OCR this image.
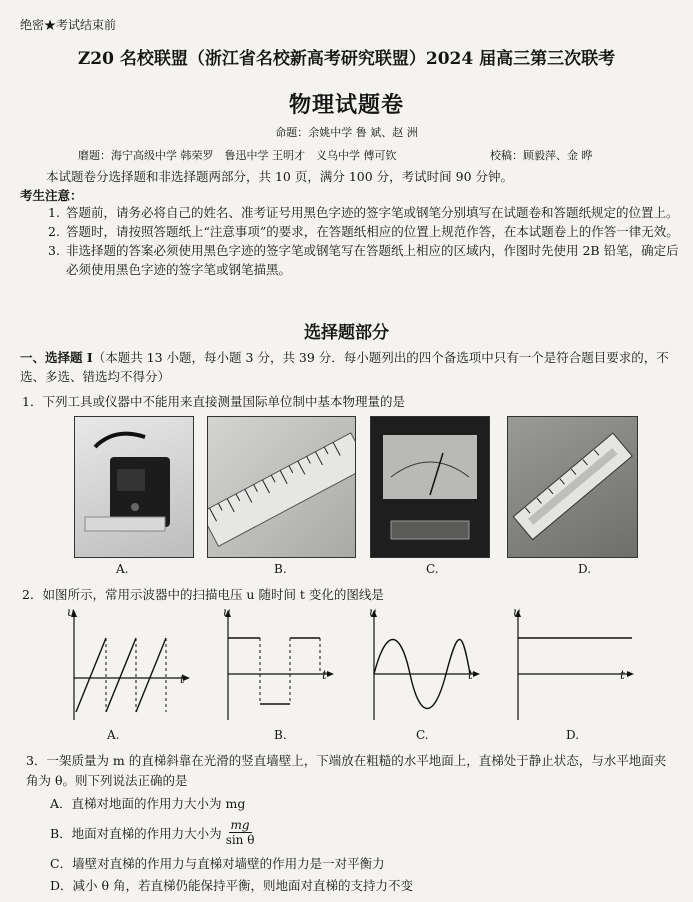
绝密★考试结束前
Z20 名校联盟（浙江省名校新高考研究联盟）2024 届高三第三次联考
物理试题卷
命题：余姚中学 鲁 斌、赵 洲
磨题：海宁高级中学 韩荣罗　鲁迅中学 王明才　义乌中学 傅可钦	校稿：顾毅萍、金 晔
本试题卷分选择题和非选择题两部分，共 10 页，满分 100 分，考试时间 90 分钟。
考生注意：
1. 答题前，请务必将自己的姓名、准考证号用黑色字迹的签字笔或钢笔分别填写在试题卷和答题纸规定的位置上。
2. 答题时，请按照答题纸上“注意事项”的要求，在答题纸相应的位置上规范作答，在本试题卷上的作答一律无效。
3. 非选择题的答案必须使用黑色字迹的签字笔或钢笔写在答题纸上相应的区域内，作图时先使用 2B 铅笔，确定后必须使用黑色字迹的签字笔或钢笔描黑。
选择题部分
一、选择题 Ⅰ（本题共 13 小题，每小题 3 分，共 39 分．每小题列出的四个备选项中只有一个是符合题目要求的，不选、多选、错选均不得分）
1．下列工具或仪器中不能用来直接测量国际单位制中基本物理量的是
A.	B.	C.	D.
2．如图所示，常用示波器中的扫描电压 u 随时间 t 变化的图线是
u
t
A.
u
t
B.
u
t
C.
u
t
D.
3．一架质量为 m 的直梯斜靠在光滑的竖直墙壁上，下端放在粗糙的水平地面上，直梯处于静止状态，与水平地面夹角为 θ。则下列说法正确的是
A．直梯对地面的作用力大小为 mg
B．地面对直梯的作用力大小为 $\frac{mg}{\text{sin θ}}$
C．墙壁对直梯的作用力与直梯对墙壁的作用力是一对平衡力
D．减小 θ 角，若直梯仍能保持平衡，则地面对直梯的支持力不变
